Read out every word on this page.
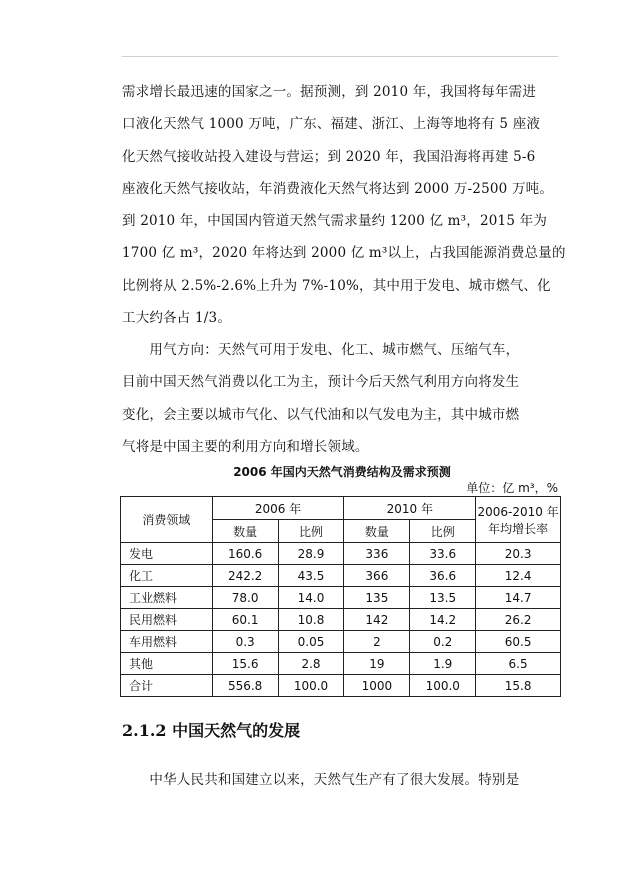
需求增长最迅速的国家之一。据预测，到 2010 年，我国将每年需进
口液化天然气 1000 万吨，广东、福建、浙江、上海等地将有 5 座液
化天然气接收站投入建设与营运；到 2020 年，我国沿海将再建 5-6
座液化天然气接收站，年消费液化天然气将达到 2000 万-2500 万吨。
到 2010 年，中国国内管道天然气需求量约 1200 亿 m³，2015 年为
1700 亿 m³，2020 年将达到 2000 亿 m³以上，占我国能源消费总量的
比例将从 2.5%-2.6%上升为 7%-10%，其中用于发电、城市燃气、化
工大约各占 1/3。

　　用气方向：天然气可用于发电、化工、城市燃气、压缩气车，
目前中国天然气消费以化工为主，预计今后天然气利用方向将发生
变化，会主要以城市气化、以气代油和以气发电为主，其中城市燃
气将是中国主要的利用方向和增长领域。

2006 年国内天然气消费结构及需求预测
单位：亿 m³，%
消费领域	2006 年		2010 年		2006-2010 年
年均增长率
	数量	比例	数量	比例	
发电	160.6	28.9	336	33.6	20.3
化工	242.2	43.5	366	36.6	12.4
工业燃料	78.0	14.0	135	13.5	14.7
民用燃料	60.1	10.8	142	14.2	26.2
车用燃料	0.3	0.05	2	0.2	60.5
其他	15.6	2.8	19	1.9	6.5
合计	556.8	100.0	1000	100.0	15.8
2.1.2 中国天然气的发展

　　中华人民共和国建立以来，天然气生产有了很大发展。特别是
